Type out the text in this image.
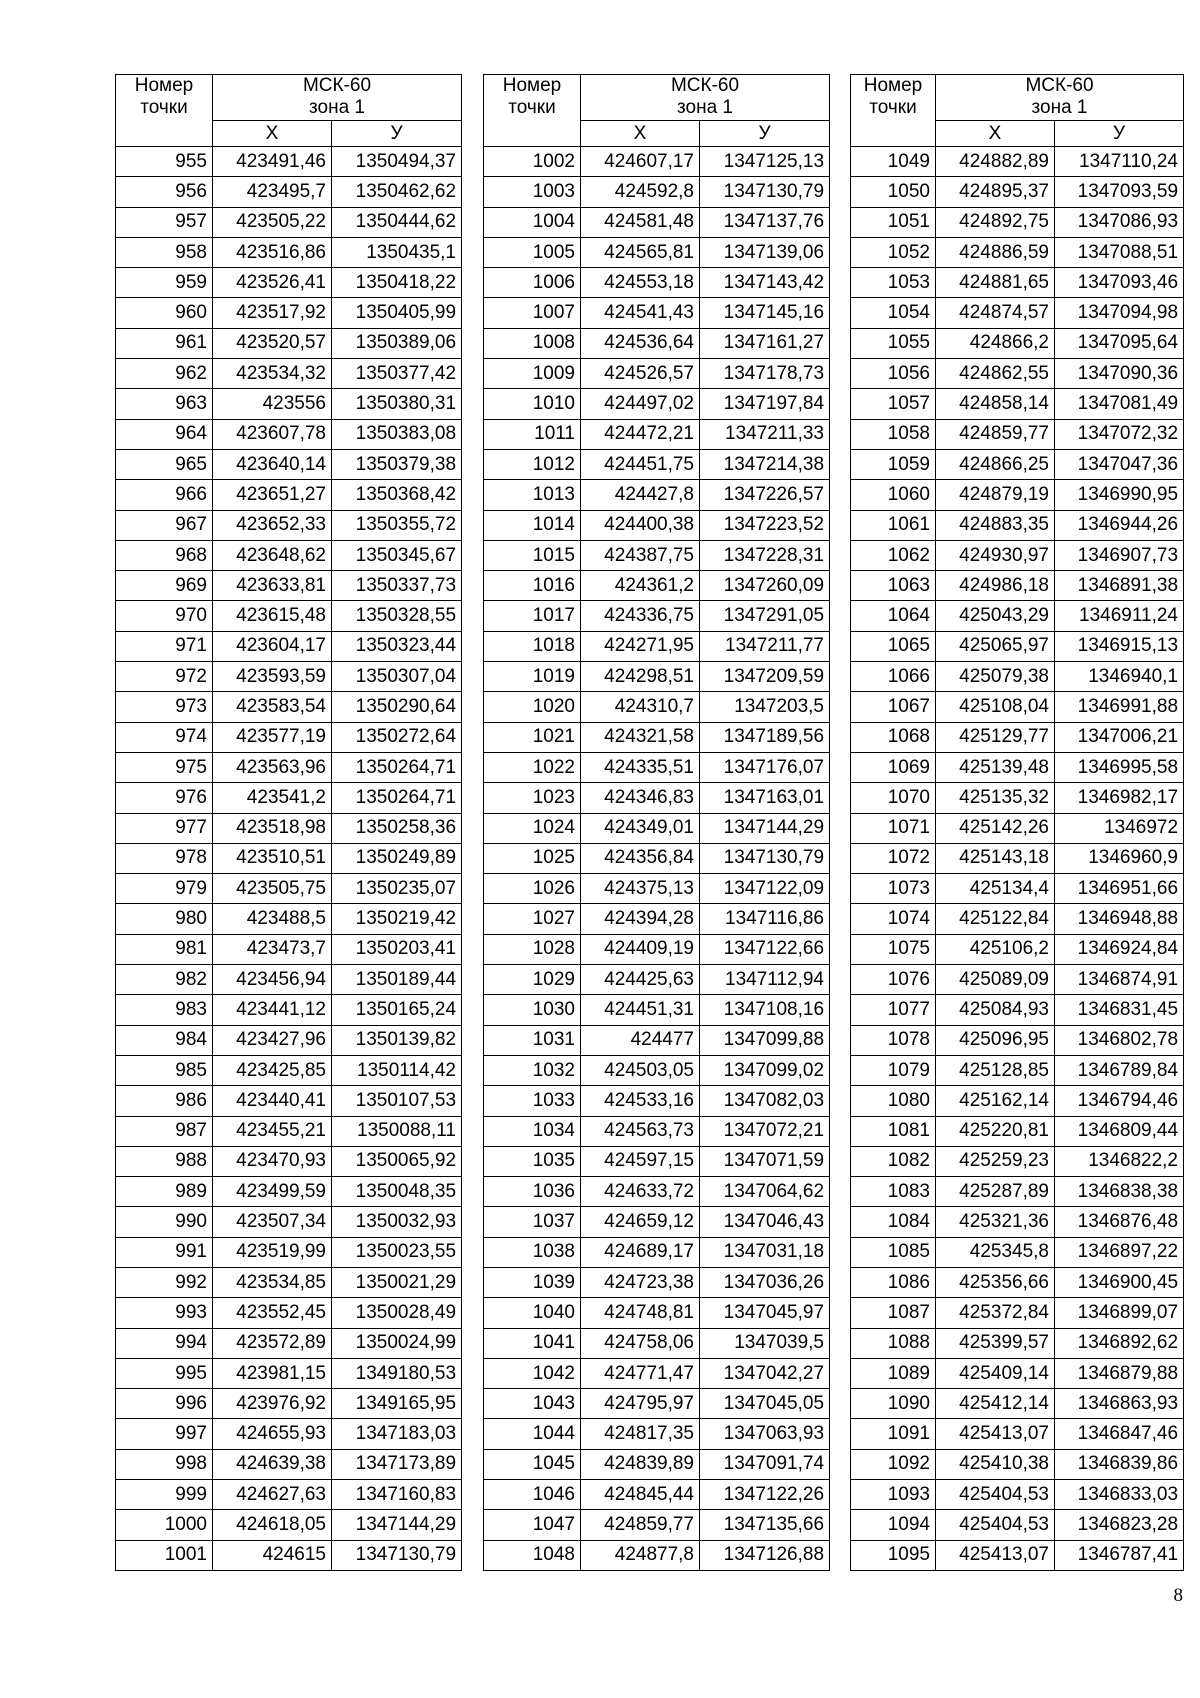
Номер
точки	МСК-60
зона 1	

	Х	У
955	423491,46	1350494,37
956	423495,7	1350462,62
957	423505,22	1350444,62
958	423516,86	1350435,1
959	423526,41	1350418,22
960	423517,92	1350405,99
961	423520,57	1350389,06
962	423534,32	1350377,42
963	423556	1350380,31
964	423607,78	1350383,08
965	423640,14	1350379,38
966	423651,27	1350368,42
967	423652,33	1350355,72
968	423648,62	1350345,67
969	423633,81	1350337,73
970	423615,48	1350328,55
971	423604,17	1350323,44
972	423593,59	1350307,04
973	423583,54	1350290,64
974	423577,19	1350272,64
975	423563,96	1350264,71
976	423541,2	1350264,71
977	423518,98	1350258,36
978	423510,51	1350249,89
979	423505,75	1350235,07
980	423488,5	1350219,42
981	423473,7	1350203,41
982	423456,94	1350189,44
983	423441,12	1350165,24
984	423427,96	1350139,82
985	423425,85	1350114,42
986	423440,41	1350107,53
987	423455,21	1350088,11
988	423470,93	1350065,92
989	423499,59	1350048,35
990	423507,34	1350032,93
991	423519,99	1350023,55
992	423534,85	1350021,29
993	423552,45	1350028,49
994	423572,89	1350024,99
995	423981,15	1349180,53
996	423976,92	1349165,95
997	424655,93	1347183,03
998	424639,38	1347173,89
999	424627,63	1347160,83
1000	424618,05	1347144,29
1001	424615	1347130,79
Номер
точки	МСК-60
зона 1	

	Х	У
1002	424607,17	1347125,13
1003	424592,8	1347130,79
1004	424581,48	1347137,76
1005	424565,81	1347139,06
1006	424553,18	1347143,42
1007	424541,43	1347145,16
1008	424536,64	1347161,27
1009	424526,57	1347178,73
1010	424497,02	1347197,84
1011	424472,21	1347211,33
1012	424451,75	1347214,38
1013	424427,8	1347226,57
1014	424400,38	1347223,52
1015	424387,75	1347228,31
1016	424361,2	1347260,09
1017	424336,75	1347291,05
1018	424271,95	1347211,77
1019	424298,51	1347209,59
1020	424310,7	1347203,5
1021	424321,58	1347189,56
1022	424335,51	1347176,07
1023	424346,83	1347163,01
1024	424349,01	1347144,29
1025	424356,84	1347130,79
1026	424375,13	1347122,09
1027	424394,28	1347116,86
1028	424409,19	1347122,66
1029	424425,63	1347112,94
1030	424451,31	1347108,16
1031	424477	1347099,88
1032	424503,05	1347099,02
1033	424533,16	1347082,03
1034	424563,73	1347072,21
1035	424597,15	1347071,59
1036	424633,72	1347064,62
1037	424659,12	1347046,43
1038	424689,17	1347031,18
1039	424723,38	1347036,26
1040	424748,81	1347045,97
1041	424758,06	1347039,5
1042	424771,47	1347042,27
1043	424795,97	1347045,05
1044	424817,35	1347063,93
1045	424839,89	1347091,74
1046	424845,44	1347122,26
1047	424859,77	1347135,66
1048	424877,8	1347126,88
Номер
точки	МСК-60
зона 1	

	Х	У
1049	424882,89	1347110,24
1050	424895,37	1347093,59
1051	424892,75	1347086,93
1052	424886,59	1347088,51
1053	424881,65	1347093,46
1054	424874,57	1347094,98
1055	424866,2	1347095,64
1056	424862,55	1347090,36
1057	424858,14	1347081,49
1058	424859,77	1347072,32
1059	424866,25	1347047,36
1060	424879,19	1346990,95
1061	424883,35	1346944,26
1062	424930,97	1346907,73
1063	424986,18	1346891,38
1064	425043,29	1346911,24
1065	425065,97	1346915,13
1066	425079,38	1346940,1
1067	425108,04	1346991,88
1068	425129,77	1347006,21
1069	425139,48	1346995,58
1070	425135,32	1346982,17
1071	425142,26	1346972
1072	425143,18	1346960,9
1073	425134,4	1346951,66
1074	425122,84	1346948,88
1075	425106,2	1346924,84
1076	425089,09	1346874,91
1077	425084,93	1346831,45
1078	425096,95	1346802,78
1079	425128,85	1346789,84
1080	425162,14	1346794,46
1081	425220,81	1346809,44
1082	425259,23	1346822,2
1083	425287,89	1346838,38
1084	425321,36	1346876,48
1085	425345,8	1346897,22
1086	425356,66	1346900,45
1087	425372,84	1346899,07
1088	425399,57	1346892,62
1089	425409,14	1346879,88
1090	425412,14	1346863,93
1091	425413,07	1346847,46
1092	425410,38	1346839,86
1093	425404,53	1346833,03
1094	425404,53	1346823,28
1095	425413,07	1346787,41
8
